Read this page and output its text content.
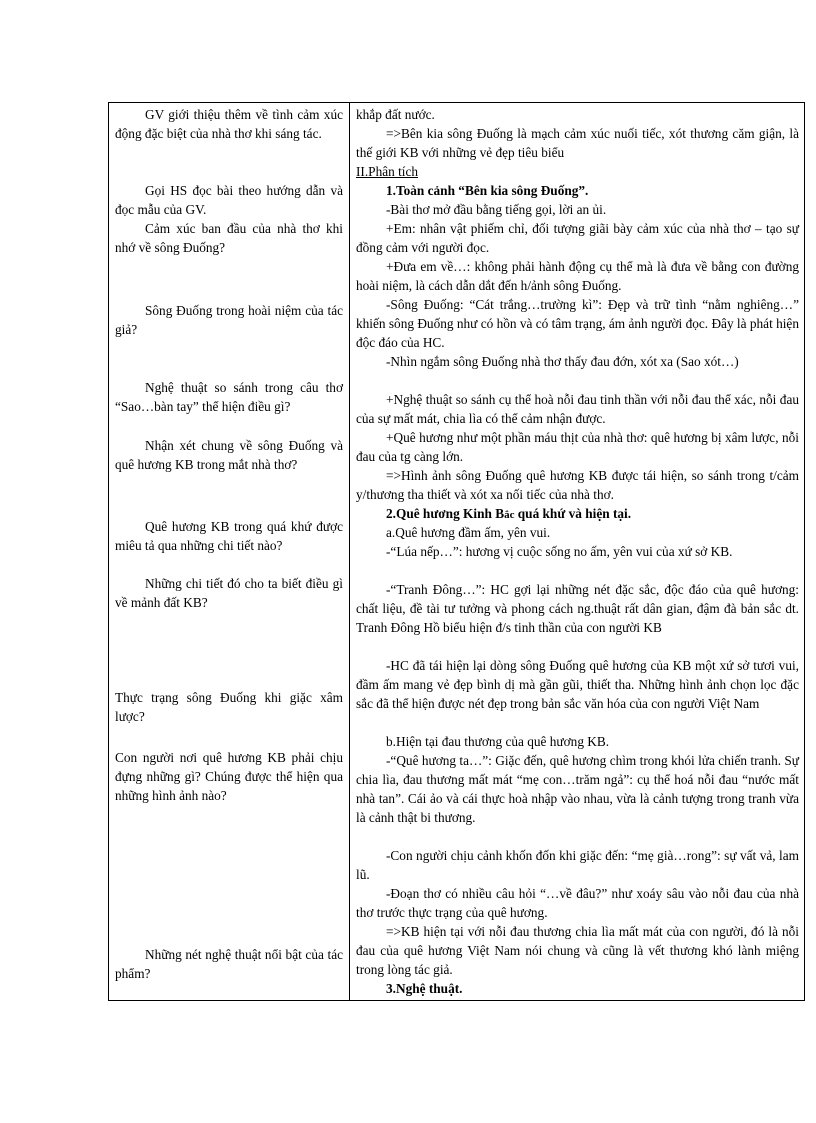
GV giới thiệu thêm về tình cảm xúc động đặc biệt của nhà thơ khi sáng tác.
Gọi HS đọc bài theo hướng dẫn và đọc mẫu của GV.
Cảm xúc ban đầu của nhà thơ khi nhớ về sông Đuống?
Sông Đuống trong hoài niệm của tác giả?
Nghệ thuật so sánh trong câu thơ “Sao…bàn tay” thể hiện điều gì?
Nhận xét chung về sông Đuống và quê hương KB trong mắt nhà thơ?
Quê hương KB trong quá khứ được miêu tả qua những chi tiết nào?
Những chi tiết đó cho ta biết điều gì về mảnh đất KB?
Thực trạng sông Đuống khi giặc xâm lược?
Con người nơi quê hương KB phải chịu đựng những gì? Chúng được thể hiện qua những hình ảnh nào?
Những nét nghệ thuật nổi bật của tác phẩm?
khắp đất nước.
=>Bên kia sông Đuống là mạch cảm xúc nuối tiếc, xót thương căm giận, là thế giới KB với những vẻ đẹp tiêu biểu
II.Phân tích
1.Toàn cảnh “Bên kia sông Đuống”.
-Bài thơ mở đầu bằng tiếng gọi, lời an ủi.
+Em: nhân vật phiếm chỉ, đối tượng giãi bày cảm xúc của nhà thơ – tạo sự đồng cảm với người đọc.
+Đưa em về…: không phải hành động cụ thể mà là đưa về bằng con đường hoài niệm, là cách dẫn dắt đến h/ảnh sông Đuống.
-Sông Đuống: “Cát trắng…trường kì”: Đẹp và trữ tình “nằm nghiêng…” khiến sông Đuống như có hồn và có tâm trạng, ám ảnh người đọc. Đây là phát hiện độc đáo của HC.
-Nhìn ngắm sông Đuống nhà thơ thấy đau đớn, xót xa (Sao xót…)
+Nghệ thuật so sánh cụ thể hoà nỗi đau tinh thần với nỗi đau thể xác, nỗi đau của sự mất mát, chia lìa có thể cảm nhận được.
+Quê hương như một phần máu thịt của nhà thơ: quê hương bị xâm lược, nỗi đau của tg càng lớn.
=>Hình ảnh sông Đuống quê hương KB được tái hiện, so sánh trong t/cảm y/thương tha thiết và xót xa nối tiếc của nhà thơ.
2.Quê hương Kinh Bắc quá khứ và hiện tại.
a.Quê hương đầm ấm, yên vui.
-“Lúa nếp…”: hương vị cuộc sống no ấm, yên vui của xứ sở KB.
-“Tranh Đông…”: HC gợi lại những nét đặc sắc, độc đáo của quê hương: chất liệu, đề tài tư tưởng và phong cách ng.thuật rất dân gian, đậm đà bản sắc dt. Tranh Đông Hồ biểu hiện đ/s tinh thần của con người KB
-HC đã tái hiện lại dòng sông Đuống quê hương của KB một xứ sở tươi vui, đầm ấm mang vẻ đẹp bình dị mà gần gũi, thiết tha. Những hình ảnh chọn lọc đặc sắc đã thể hiện được nét đẹp trong bản sắc văn hóa của con người Việt Nam
b.Hiện tại đau thương của quê hương KB.
-“Quê hương ta…”: Giặc đến, quê hương chìm trong khói lửa chiến tranh. Sự chia lìa, đau thương mất mát “mẹ con…trăm ngả”: cụ thể hoá nỗi đau “nước mất nhà tan”. Cái ảo và cái thực hoà nhập vào nhau, vừa là cảnh tượng trong tranh vừa là cảnh thật bi thương.
-Con người chịu cảnh khốn đốn khi giặc đến: “mẹ già…rong”: sự vất vả, lam lũ.
-Đoạn thơ có nhiều câu hỏi “…về đâu?” như xoáy sâu vào nỗi đau của nhà thơ trước thực trạng của quê hương.
=>KB hiện tại với nỗi đau thương chia lìa mất mát của con người, đó là nỗi đau của quê hương Việt Nam nói chung và cũng là vết thương khó lành miệng trong lòng tác giả.
3.Nghệ thuật.
